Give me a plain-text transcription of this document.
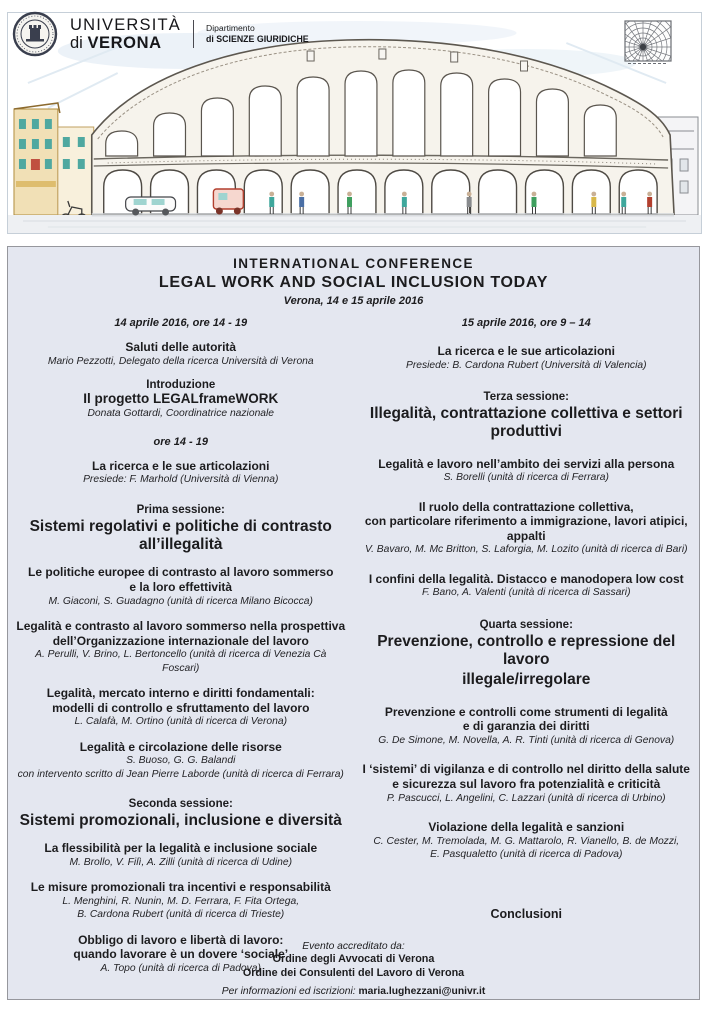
UNIVERSITÀ
di VERONA
Dipartimento
di SCIENZE GIURIDICHE
INTERNATIONAL CONFERENCE
LEGAL WORK AND SOCIAL INCLUSION TODAY
Verona, 14 e 15 aprile 2016
14 aprile 2016, ore 14 - 19
Saluti delle autorità
Mario Pezzotti, Delegato della ricerca Università di Verona
Introduzione
Il progetto LEGALframeWORK
Donata Gottardi, Coordinatrice nazionale
ore 14 - 19
La ricerca e le sue articolazioni
Presiede: F. Marhold (Università di Vienna)
Prima sessione:
Sistemi regolativi e politiche di contrasto all’illegalità
Le politiche europee di contrasto al lavoro sommerso
e la loro effettività
M. Giaconi, S. Guadagno (unità di ricerca Milano Bicocca)
Legalità e contrasto al lavoro sommerso nella prospettiva
dell’Organizzazione internazionale del lavoro
A. Perulli, V. Brino, L. Bertoncello (unità di ricerca di Venezia Cà Foscari)
Legalità, mercato interno e diritti fondamentali:
modelli di controllo e sfruttamento del lavoro
L. Calafà, M. Ortino (unità di ricerca di Verona)
Legalità e circolazione delle risorse
S. Buoso, G. G. Balandi
con intervento scritto di Jean Pierre Laborde (unità di ricerca di Ferrara)
Seconda sessione:
Sistemi promozionali, inclusione e diversità
La flessibilità per la legalità e inclusione sociale
M. Brollo, V. Filì, A. Zilli (unità di ricerca di Udine)
Le misure promozionali tra incentivi e responsabilità
L. Menghini, R. Nunin, M. D. Ferrara, F. Fita Ortega,
B. Cardona Rubert (unità di ricerca di Trieste)
Obbligo di lavoro e libertà di lavoro:
quando lavorare è un dovere ‘sociale’
A. Topo (unità di ricerca di Padova)
15 aprile 2016, ore 9 – 14
La ricerca e le sue articolazioni
Presiede: B. Cardona Rubert (Università di Valencia)
Terza sessione:
Illegalità, contrattazione collettiva e settori produttivi
Legalità e lavoro nell’ambito dei servizi alla persona
S. Borelli (unità di ricerca di Ferrara)
Il ruolo della contrattazione collettiva,
con particolare riferimento a immigrazione, lavori atipici, appalti
V. Bavaro, M. Mc Britton, S. Laforgia, M. Lozito (unità di ricerca di Bari)
I confini della legalità. Distacco e manodopera low cost
F. Bano, A. Valenti (unità di ricerca di Sassari)
Quarta sessione:
Prevenzione, controllo e repressione del lavoro
illegale/irregolare
Prevenzione e controlli come strumenti di legalità
e di garanzia dei diritti
G. De Simone, M. Novella, A. R. Tinti (unità di ricerca di Genova)
I ‘sistemi’ di vigilanza e di controllo nel diritto della salute
e sicurezza sul lavoro fra potenzialità e criticità
P. Pascucci, L. Angelini, C. Lazzari (unità di ricerca di Urbino)
Violazione della legalità e sanzioni
C. Cester, M. Tremolada, M. G. Mattarolo, R. Vianello, B. de Mozzi,
E. Pasqualetto (unità di ricerca di Padova)
Conclusioni
Evento accreditato da:
Ordine degli Avvocati di Verona
Ordine dei Consulenti del Lavoro di Verona
Per informazioni ed iscrizioni: maria.lughezzani@univr.it
